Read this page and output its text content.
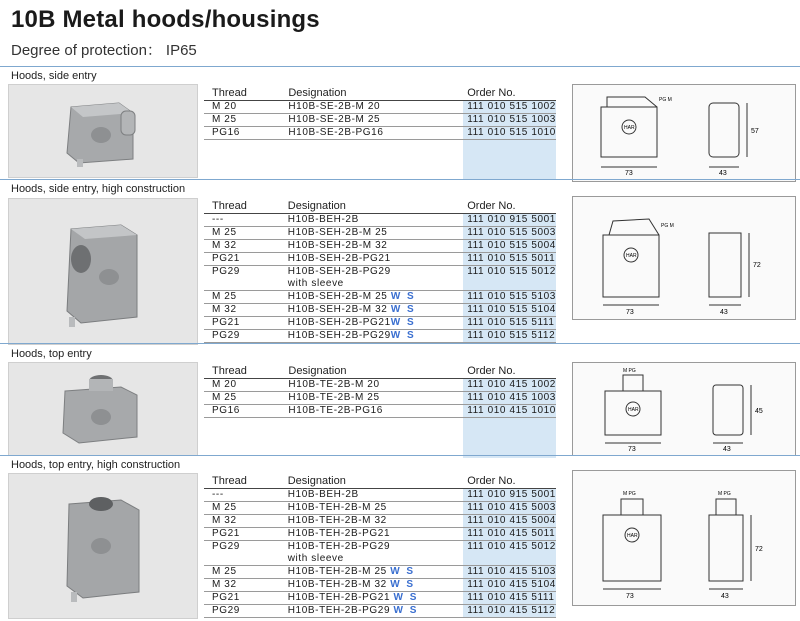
10B Metal hoods/housings
Degree of protection： IP65
Hoods, side entry
Thread	Designation	Order No.
M 20	H10B-SE-2B-M 20	111 010 515 1002
M 25	H10B-SE-2B-M 25	111 010 515 1003
PG16	H10B-SE-2B-PG16	111 010 515 1010
			HAR
73
57
43
PG M
Hoods, side entry, high construction
Thread	Designation	Order No.
---	H10B-BEH-2B	111 010 915 5001
M 25	H10B-SEH-2B-M 25	111 010 515 5003
M 32	H10B-SEH-2B-M 32	111 010 515 5004
PG21	H10B-SEH-2B-PG21	111 010 515 5011
PG29	H10B-SEH-2B-PG29	111 010 515 5012
	with sleeve	
M 25	H10B-SEH-2B-M 25 W S	111 010 515 5103
M 32	H10B-SEH-2B-M 32 W S	111 010 515 5104
PG21	H10B-SEH-2B-PG21W S	111 010 515 5111
PG29	H10B-SEH-2B-PG29W S	111 010 515 5112
HAR
73
PG M
72
43
Hoods, top entry
Thread	Designation	Order No.
M 20	H10B-TE-2B-M 20	111 010 415 1002
M 25	H10B-TE-2B-M 25	111 010 415 1003
PG16	H10B-TE-2B-PG16	111 010 415 1010

M PG
HAR
73
45
43
Hoods, top entry, high construction
Thread	Designation	Order No.
---	H10B-BEH-2B	111 010 915 5001
M 25	H10B-TEH-2B-M 25	111 010 415 5003
M 32	H10B-TEH-2B-M 32	111 010 415 5004
PG21	H10B-TEH-2B-PG21	111 010 415 5011
PG29	H10B-TEH-2B-PG29	111 010 415 5012
	with sleeve	
M 25	H10B-TEH-2B-M 25 W S	111 010 415 5103
M 32	H10B-TEH-2B-M 32 W S	111 010 415 5104
PG21	H10B-TEH-2B-PG21 W S	111 010 415 5111
PG29	H10B-TEH-2B-PG29 W S	111 010 415 5112
M PG
HAR
73
M PG
72
43
